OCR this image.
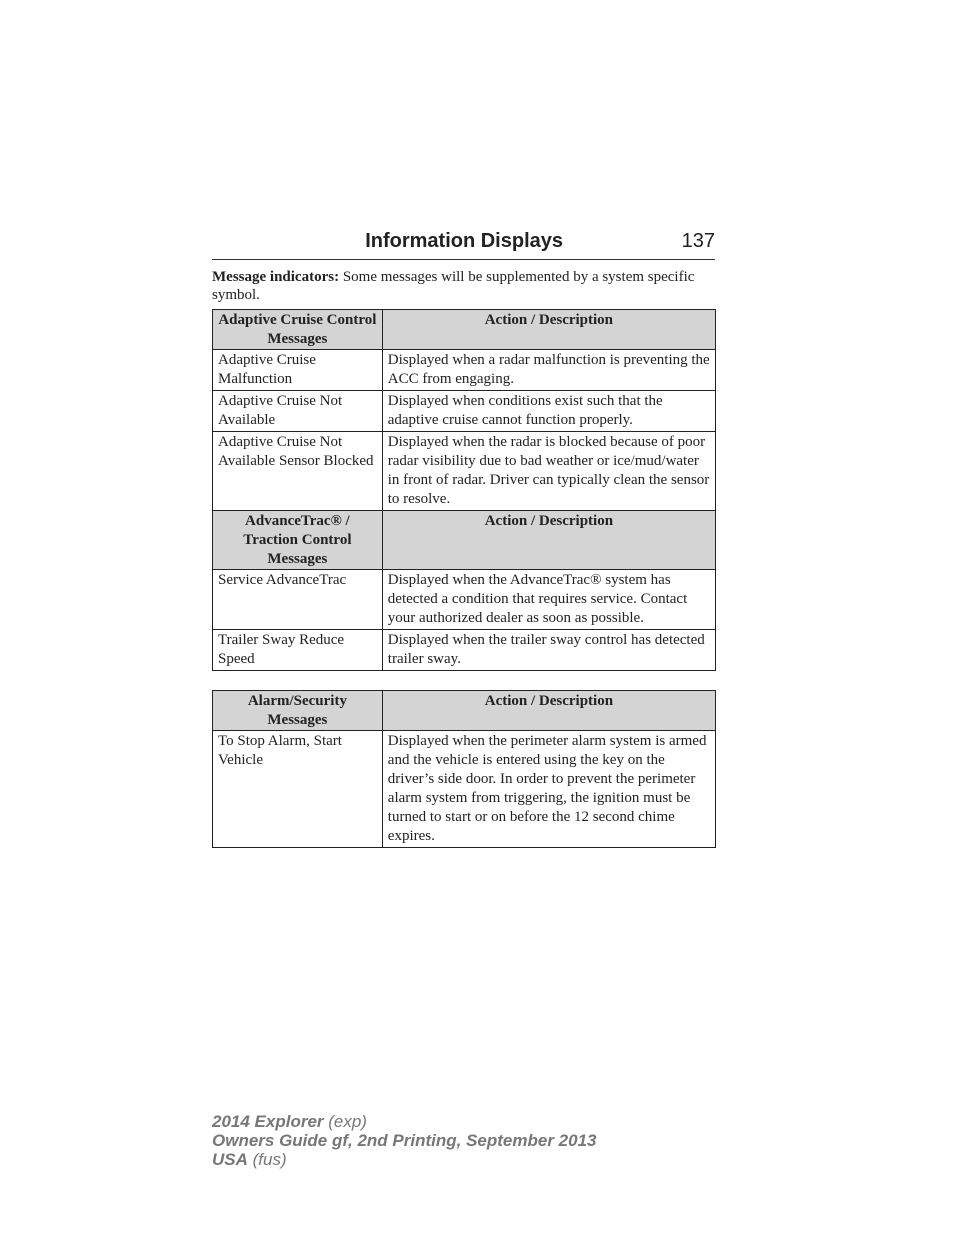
Information Displays	137
Message indicators: Some messages will be supplemented by a system specific symbol.
Adaptive Cruise Control Messages	Action / Description
Adaptive Cruise Malfunction	Displayed when a radar malfunction is preventing the ACC from engaging.
Adaptive Cruise Not Available	Displayed when conditions exist such that the adaptive cruise cannot function properly.
Adaptive Cruise Not Available Sensor Blocked	Displayed when the radar is blocked because of poor radar visibility due to bad weather or ice/mud/water in front of radar. Driver can typically clean the sensor to resolve.
AdvanceTrac® / Traction Control Messages	Action / Description
Service AdvanceTrac	Displayed when the AdvanceTrac® system has detected a condition that requires service. Contact your authorized dealer as soon as possible.
Trailer Sway Reduce Speed	Displayed when the trailer sway control has detected trailer sway.
Alarm/Security Messages	Action / Description
To Stop Alarm, Start Vehicle	Displayed when the perimeter alarm system is armed and the vehicle is entered using the key on the driver’s side door. In order to prevent the perimeter alarm system from triggering, the ignition must be turned to start or on before the 12 second chime expires.
2014 Explorer (exp)
Owners Guide gf, 2nd Printing, September 2013
USA (fus)
